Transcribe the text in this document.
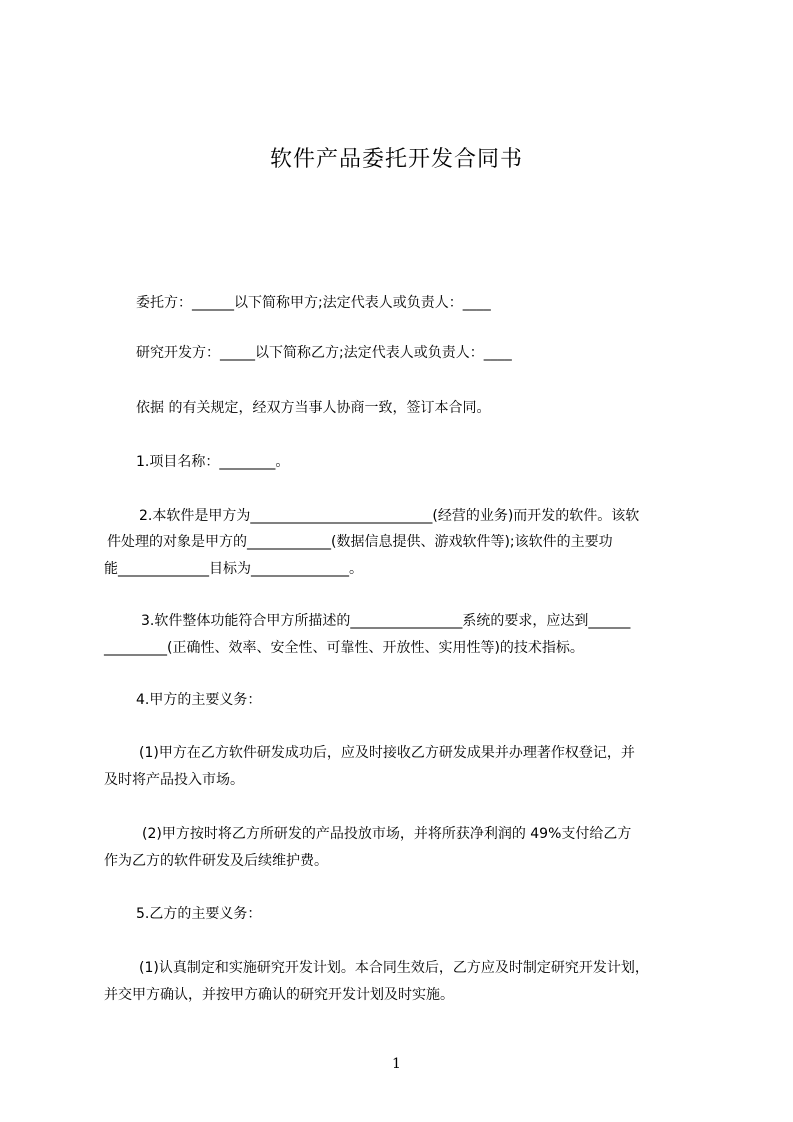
软件产品委托开发合同书
委托方：______以下简称甲方;法定代表人或负责人：____
研究开发方：_____以下简称乙方;法定代表人或负责人：____
依据 的有关规定，经双方当事人协商一致，签订本合同。
1.项目名称：________。
2.本软件是甲方为__________________________(经营的业务)而开发的软件。该软
件处理的对象是甲方的____________(数据信息提供、游戏软件等);该软件的主要功
能_____________目标为______________。
3.软件整体功能符合甲方所描述的________________系统的要求，应达到______
_________(正确性、效率、安全性、可靠性、开放性、实用性等)的技术指标。
4.甲方的主要义务：
(1)甲方在乙方软件研发成功后，应及时接收乙方研发成果并办理著作权登记，并
及时将产品投入市场。
(2)甲方按时将乙方所研发的产品投放市场，并将所获净利润的 49%支付给乙方
作为乙方的软件研发及后续维护费。
5.乙方的主要义务：
(1)认真制定和实施研究开发计划。本合同生效后，乙方应及时制定研究开发计划，
并交甲方确认，并按甲方确认的研究开发计划及时实施。
1
